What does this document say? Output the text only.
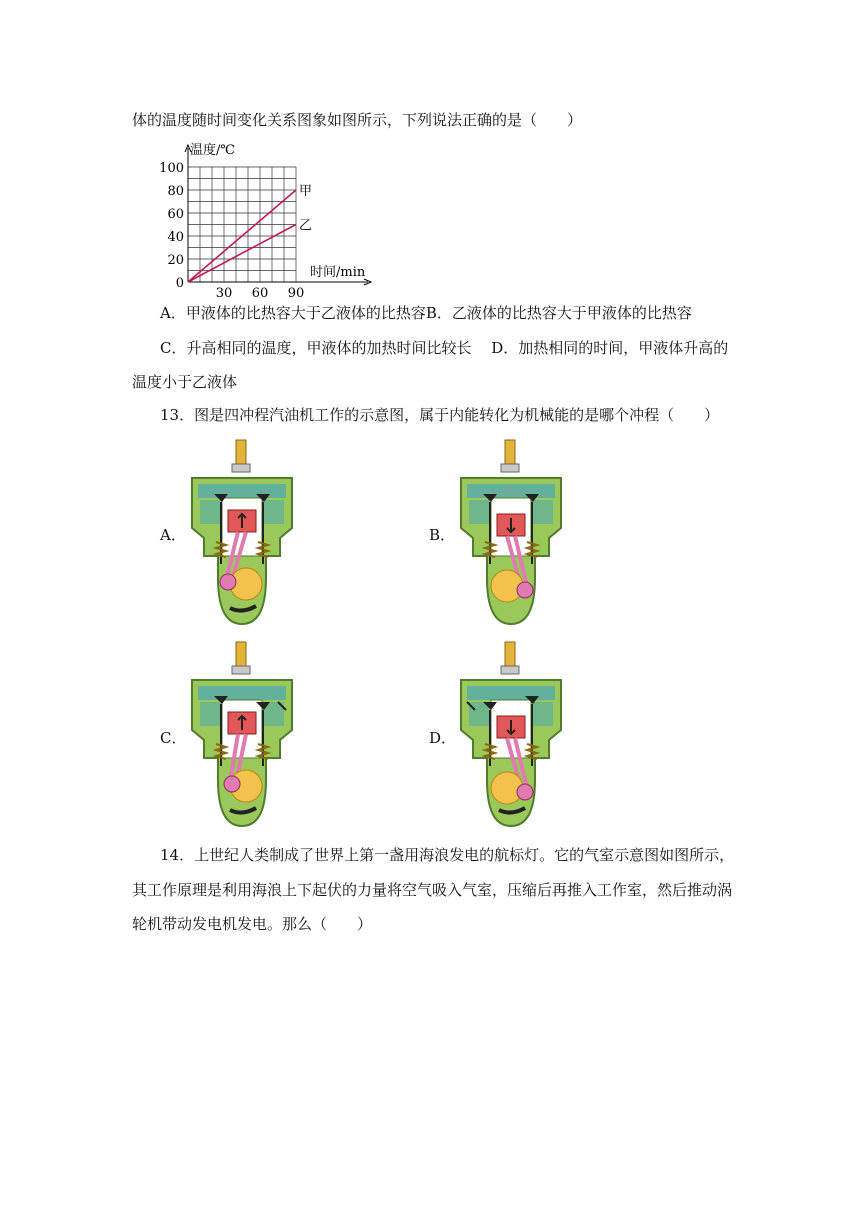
体的温度随时间变化关系图象如图所示，下列说法正确的是（　　）
0
20
40
60
80
100
30 60 90
温度/℃
时间/min
甲
乙
A．甲液体的比热容大于乙液体的比热容B．乙液体的比热容大于甲液体的比热容
C．升高相同的温度，甲液体的加热时间比较长　 D．加热相同的时间，甲液体升高的
温度小于乙液体
13．图是四冲程汽油机工作的示意图，属于内能转化为机械能的是哪个冲程（　　）
A．	B．
C．	D．
14．上世纪人类制成了世界上第一盏用海浪发电的航标灯。它的气室示意图如图所示，
其工作原理是利用海浪上下起伏的力量将空气吸入气室，压缩后再推入工作室，然后推动涡
轮机带动发电机发电。那么（　　）
